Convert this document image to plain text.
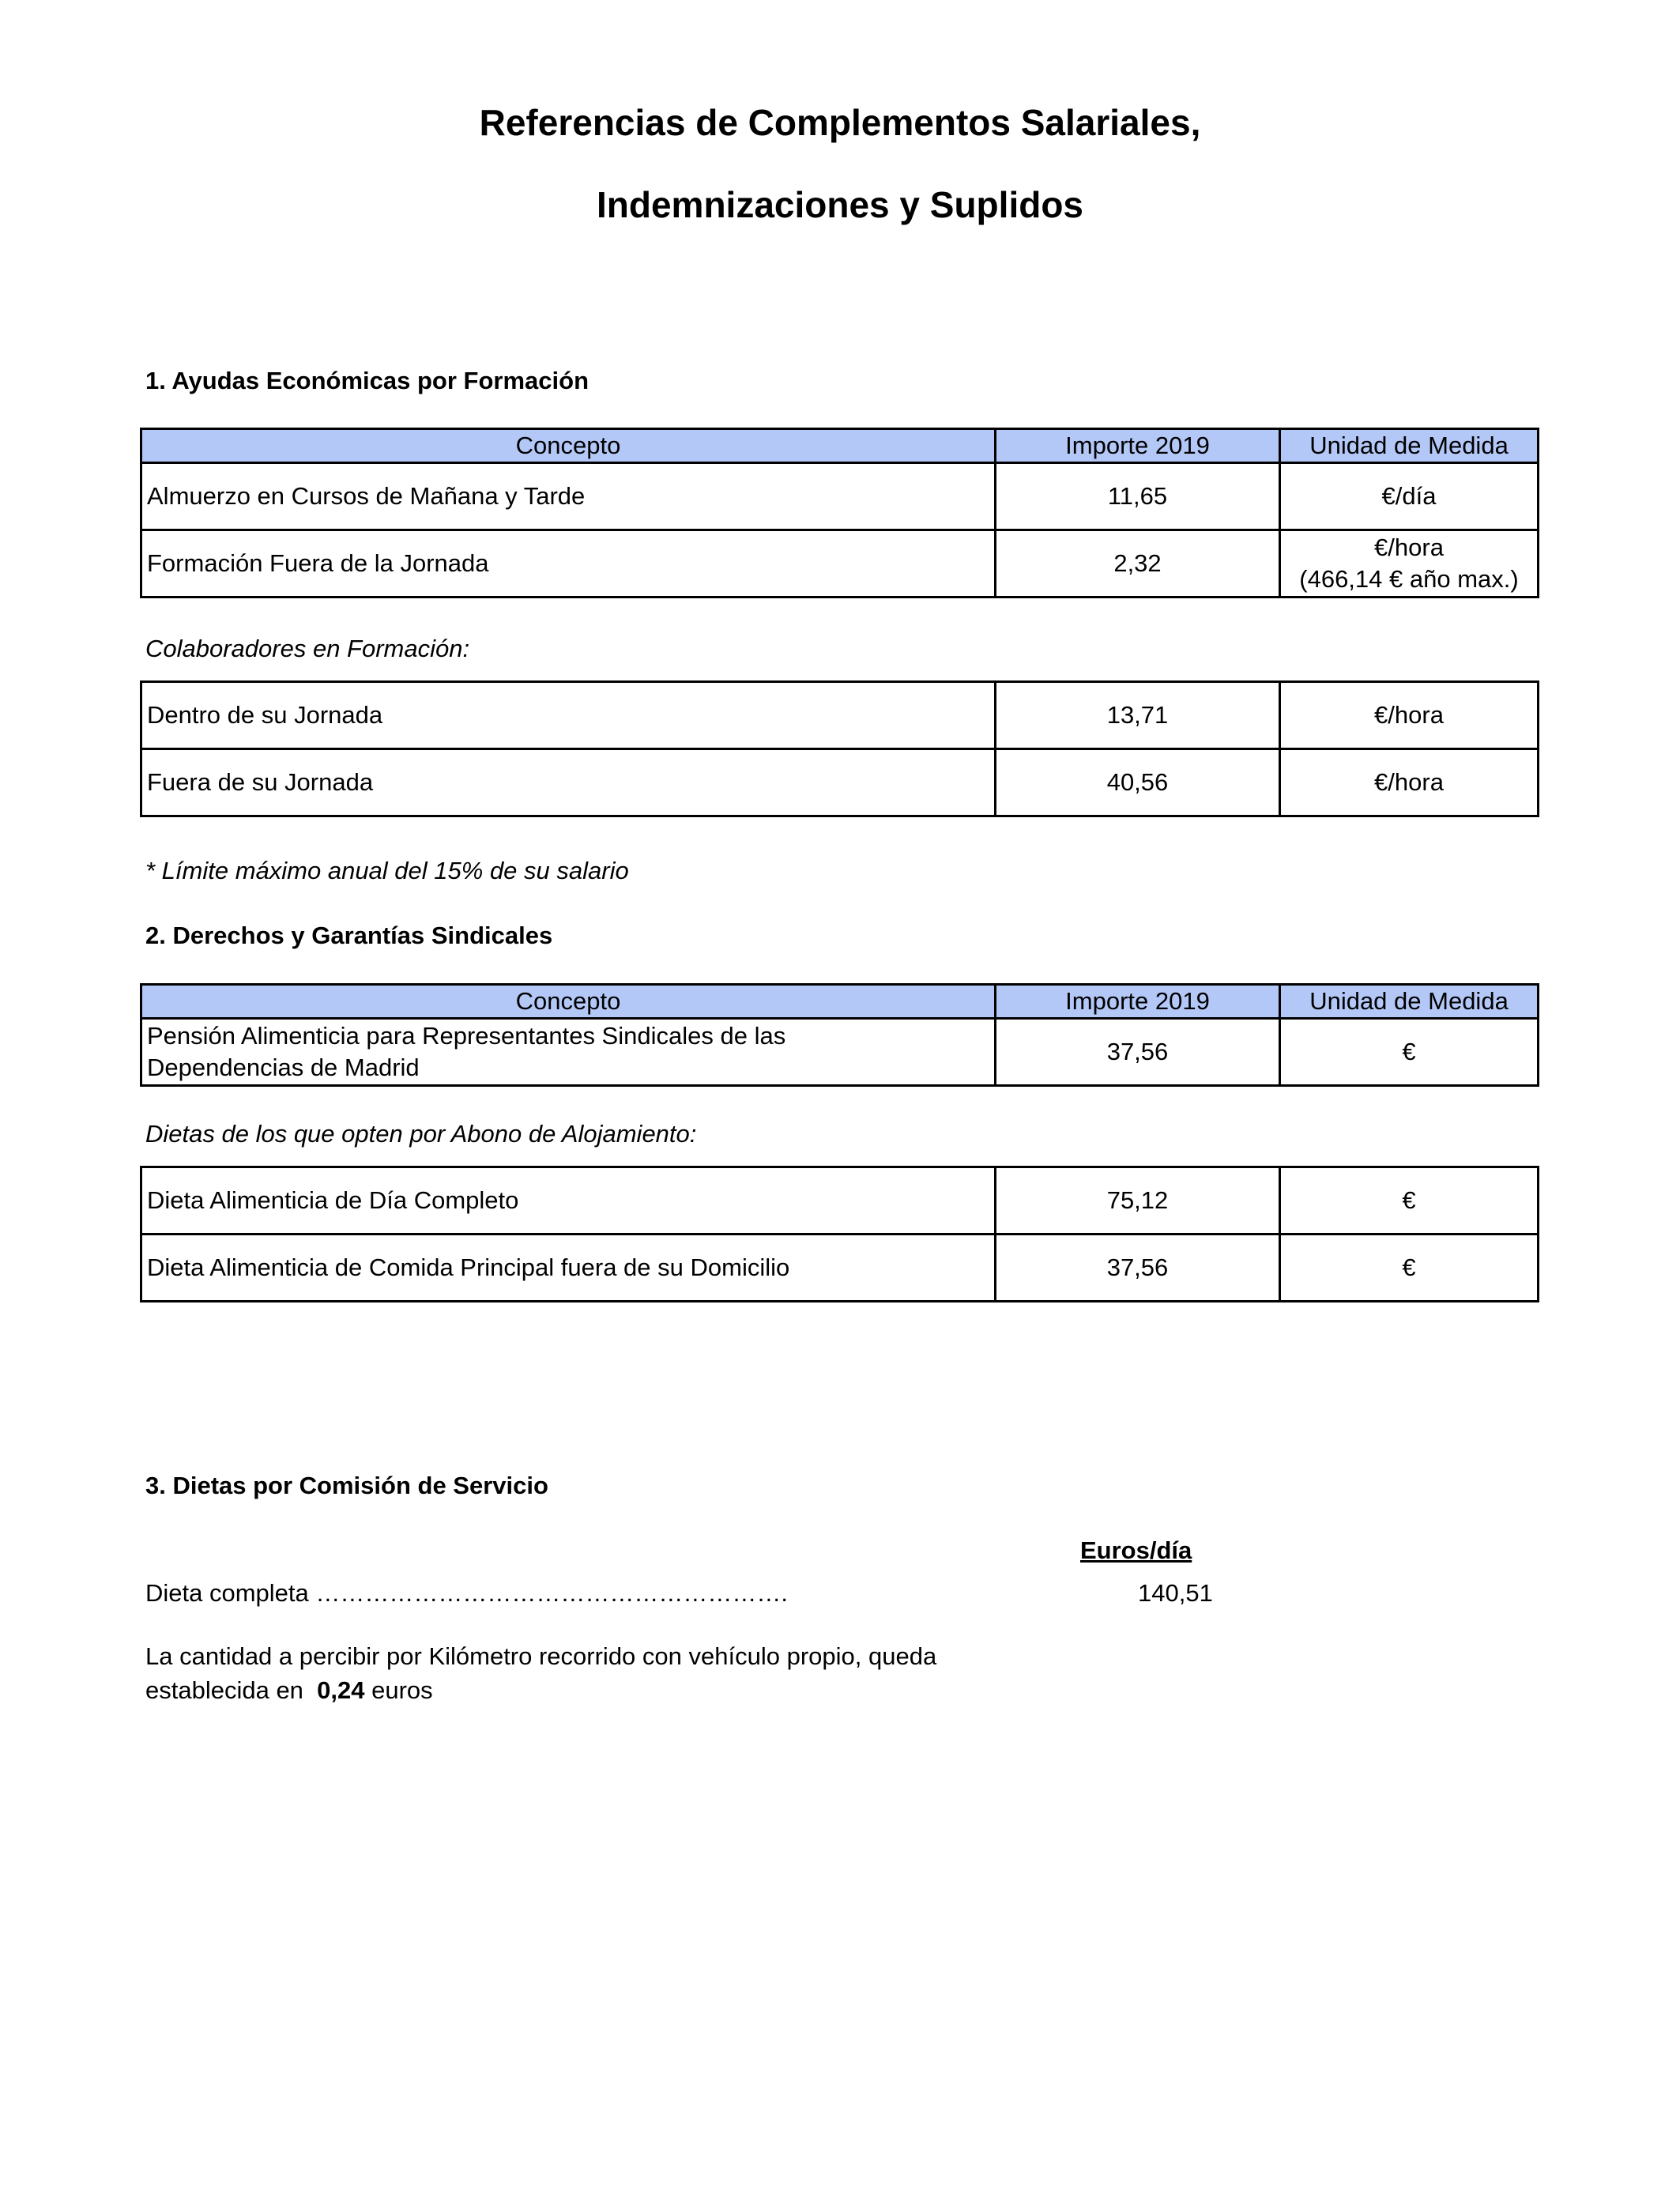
Referencias de Complementos Salariales,
Indemnizaciones y Suplidos
1. Ayudas Económicas por Formación
Concepto	Importe 2019	Unidad de Medida
Almuerzo en Cursos de Mañana y Tarde	11,65	€/día
Formación Fuera de la Jornada	2,32	€/hora
(466,14 € año max.)
Colaboradores en Formación:
Dentro de su Jornada	13,71	€/hora
Fuera de su Jornada	40,56	€/hora
* Límite máximo anual del 15% de su salario
2. Derechos y Garantías Sindicales
Concepto	Importe 2019	Unidad de Medida

Pensión Alimenticia para Representantes Sindicales de las
Dependencias de Madrid	37,56	€
Dietas de los que opten por Abono de Alojamiento:
Dieta Alimenticia de Día Completo	75,12	€
Dieta Alimenticia de Comida Principal fuera de su Domicilio	37,56	€
3. Dietas por Comisión de Servicio
Euros/día
Dieta completa ………………………………………………….	140,51
La cantidad a percibir por Kilómetro recorrido con vehículo propio, queda
establecida en  0,24 euros
